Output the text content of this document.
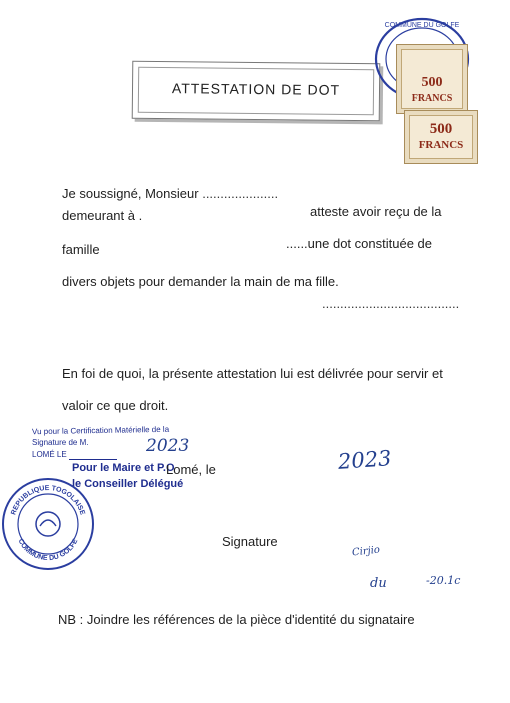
ATTESTATION DE DOT
COMMUNE DU GOLFE
500
FRANCS
500
FRANCS
Je soussigné, Monsieur .....................
demeurant à .	atteste avoir reçu de la
famille	......une dot constituée de
divers objets pour demander la main de ma fille.
......................................
En foi de quoi, la présente attestation lui est délivrée pour servir et
valoir ce que droit.
Vu pour la Certification Matérielle de la
Signature de M.
LOMÉ LE	2023
Pour le Maire et P.O
Lomé, le
le Conseiller Délégué
2023
REPUBLIQUE TOGOLAISE
COMMUNE DU GOLFE	Signature
Cirjio
du	-20.1c
NB : Joindre les références de la pièce d'identité du signataire
